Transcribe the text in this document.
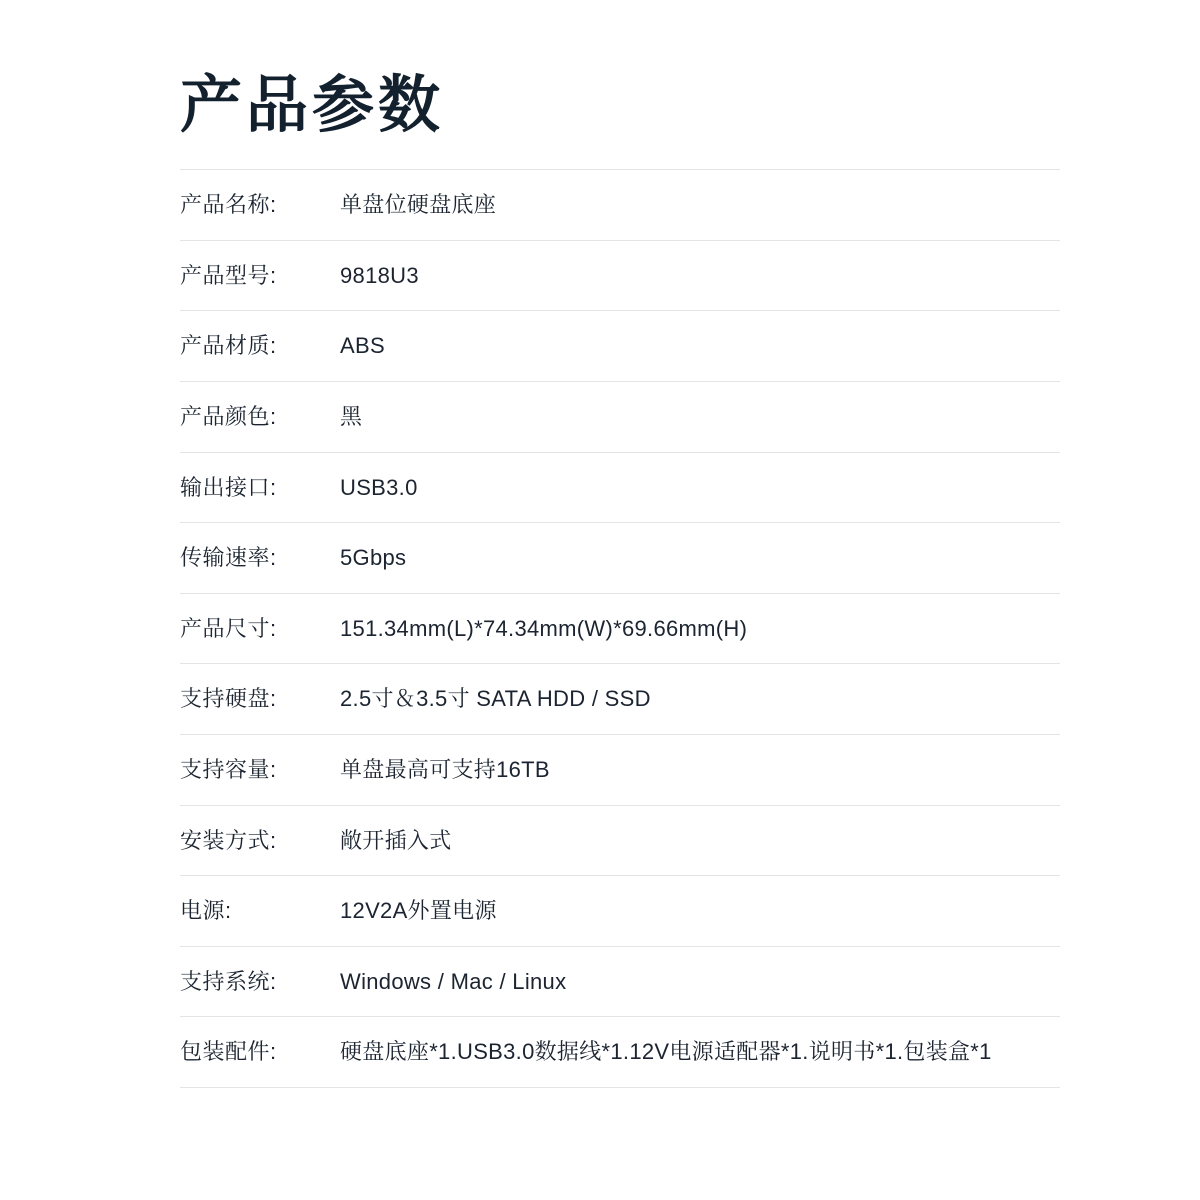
产品参数
产品名称:	单盘位硬盘底座
产品型号:	9818U3
产品材质:	ABS
产品颜色:	黑
输出接口:	USB3.0
传输速率:	5Gbps
产品尺寸:	151.34mm(L)*74.34mm(W)*69.66mm(H)
支持硬盘:	2.5寸＆3.5寸 SATA HDD / SSD
支持容量:	单盘最高可支持16TB
安装方式:	敞开插入式
电源:	12V2A外置电源
支持系统:	Windows / Mac / Linux
包装配件:	硬盘底座*1.USB3.0数据线*1.12V电源适配器*1.说明书*1.包装盒*1
